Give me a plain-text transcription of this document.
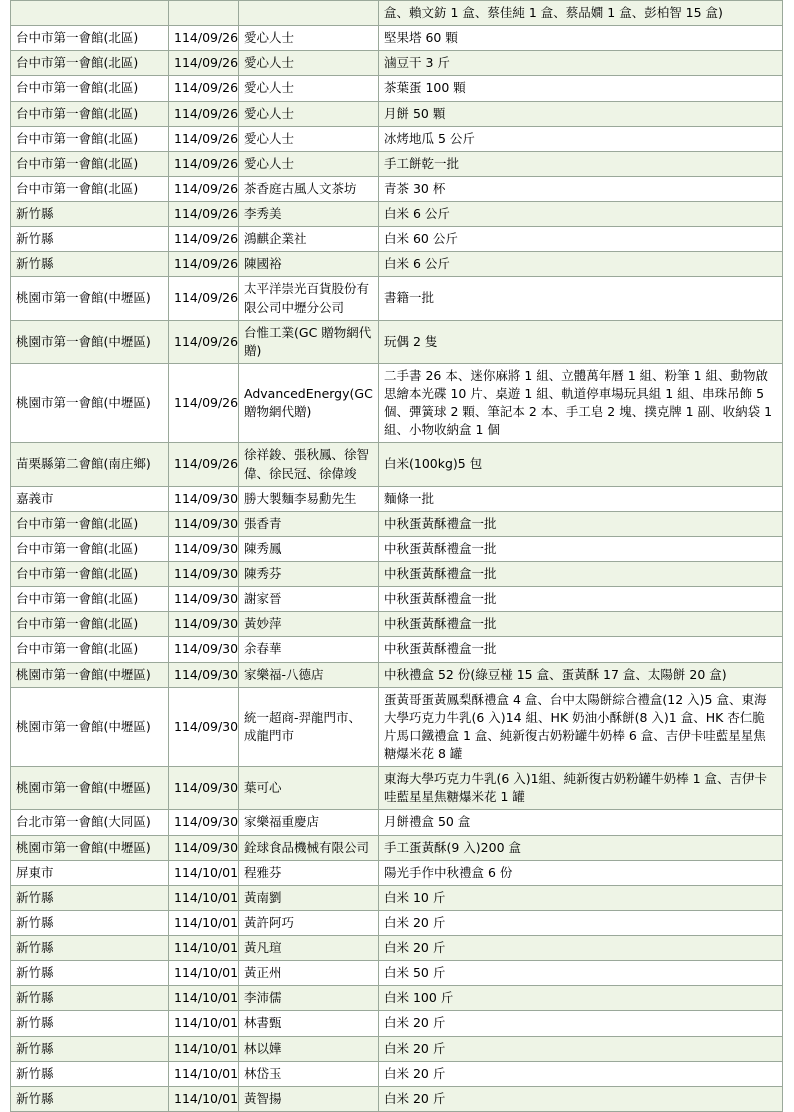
			盒、賴文鈁 1 盒、蔡佳純 1 盒、蔡品嫺 1 盒、彭柏智 15 盒)
台中市第一會館(北區)	114/09/26	愛心人士	堅果塔 60 顆
台中市第一會館(北區)	114/09/26	愛心人士	滷豆干 3 斤
台中市第一會館(北區)	114/09/26	愛心人士	茶葉蛋 100 顆
台中市第一會館(北區)	114/09/26	愛心人士	月餅 50 顆
台中市第一會館(北區)	114/09/26	愛心人士	冰烤地瓜 5 公斤
台中市第一會館(北區)	114/09/26	愛心人士	手工餅乾一批
台中市第一會館(北區)	114/09/26	茶香庭古風人文茶坊	青茶 30 杯
新竹縣	114/09/26	李秀美	白米 6 公斤
新竹縣	114/09/26	鴻麒企業社	白米 60 公斤
新竹縣	114/09/26	陳國裕	白米 6 公斤
桃園市第一會館(中壢區)	114/09/26	太平洋崇光百貨股份有限公司中壢分公司	書籍一批
桃園市第一會館(中壢區)	114/09/26	台惟工業(GC 贈物網代贈)	玩偶 2 隻
桃園市第一會館(中壢區)	114/09/26	AdvancedEnergy(GC 贈物網代贈)	二手書 26 本、迷你麻將 1 組、立體萬年曆 1 組、粉筆 1 組、動物啟思繪本光碟 10 片、桌遊 1 組、軌道停車場玩具組 1 組、串珠吊飾 5 個、彈簧球 2 顆、筆記本 2 本、手工皂 2 塊、撲克牌 1 副、收納袋 1 組、小物收納盒 1 個
苗栗縣第二會館(南庄鄉)	114/09/26	徐祥鋑、張秋鳳、徐智偉、徐民冠、徐偉竣	白米(100kg)5 包
嘉義市	114/09/30	勝大製麵李易勳先生	麵條一批
台中市第一會館(北區)	114/09/30	張香青	中秋蛋黃酥禮盒一批
台中市第一會館(北區)	114/09/30	陳秀鳳	中秋蛋黃酥禮盒一批
台中市第一會館(北區)	114/09/30	陳秀芬	中秋蛋黃酥禮盒一批
台中市第一會館(北區)	114/09/30	謝家晉	中秋蛋黃酥禮盒一批
台中市第一會館(北區)	114/09/30	黃妙萍	中秋蛋黃酥禮盒一批
台中市第一會館(北區)	114/09/30	余春華	中秋蛋黃酥禮盒一批
桃園市第一會館(中壢區)	114/09/30	家樂福-八德店	中秋禮盒 52 份(綠豆椪 15 盒、蛋黃酥 17 盒、太陽餅 20 盒)
桃園市第一會館(中壢區)	114/09/30	統一超商-羿龍門市、成龍門市	蛋黃哥蛋黃鳳梨酥禮盒 4 盒、台中太陽餅綜合禮盒(12 入)5 盒、東海大學巧克力牛乳(6 入)14 組、HK 奶油小酥餅(8 入)1 盒、HK 杏仁脆片馬口鐵禮盒 1 盒、純新復古奶粉罐牛奶棒 6 盒、吉伊卡哇藍星星焦糖爆米花 8 罐
桃園市第一會館(中壢區)	114/09/30	葉可心	東海大學巧克力牛乳(6 入)1組、純新復古奶粉罐牛奶棒 1 盒、吉伊卡哇藍星星焦糖爆米花 1 罐
台北市第一會館(大同區)	114/09/30	家樂福重慶店	月餅禮盒 50 盒
桃園市第一會館(中壢區)	114/09/30	銓球食品機械有限公司	手工蛋黃酥(9 入)200 盒
屏東市	114/10/01	程雅芬	陽光手作中秋禮盒 6 份
新竹縣	114/10/01	黃南劉	白米 10 斤
新竹縣	114/10/01	黃許阿巧	白米 20 斤
新竹縣	114/10/01	黃凡瑄	白米 20 斤
新竹縣	114/10/01	黃正州	白米 50 斤
新竹縣	114/10/01	李沛儒	白米 100 斤
新竹縣	114/10/01	林書甄	白米 20 斤
新竹縣	114/10/01	林以嬅	白米 20 斤
新竹縣	114/10/01	林岱玉	白米 20 斤
新竹縣	114/10/01	黃智揚	白米 20 斤
